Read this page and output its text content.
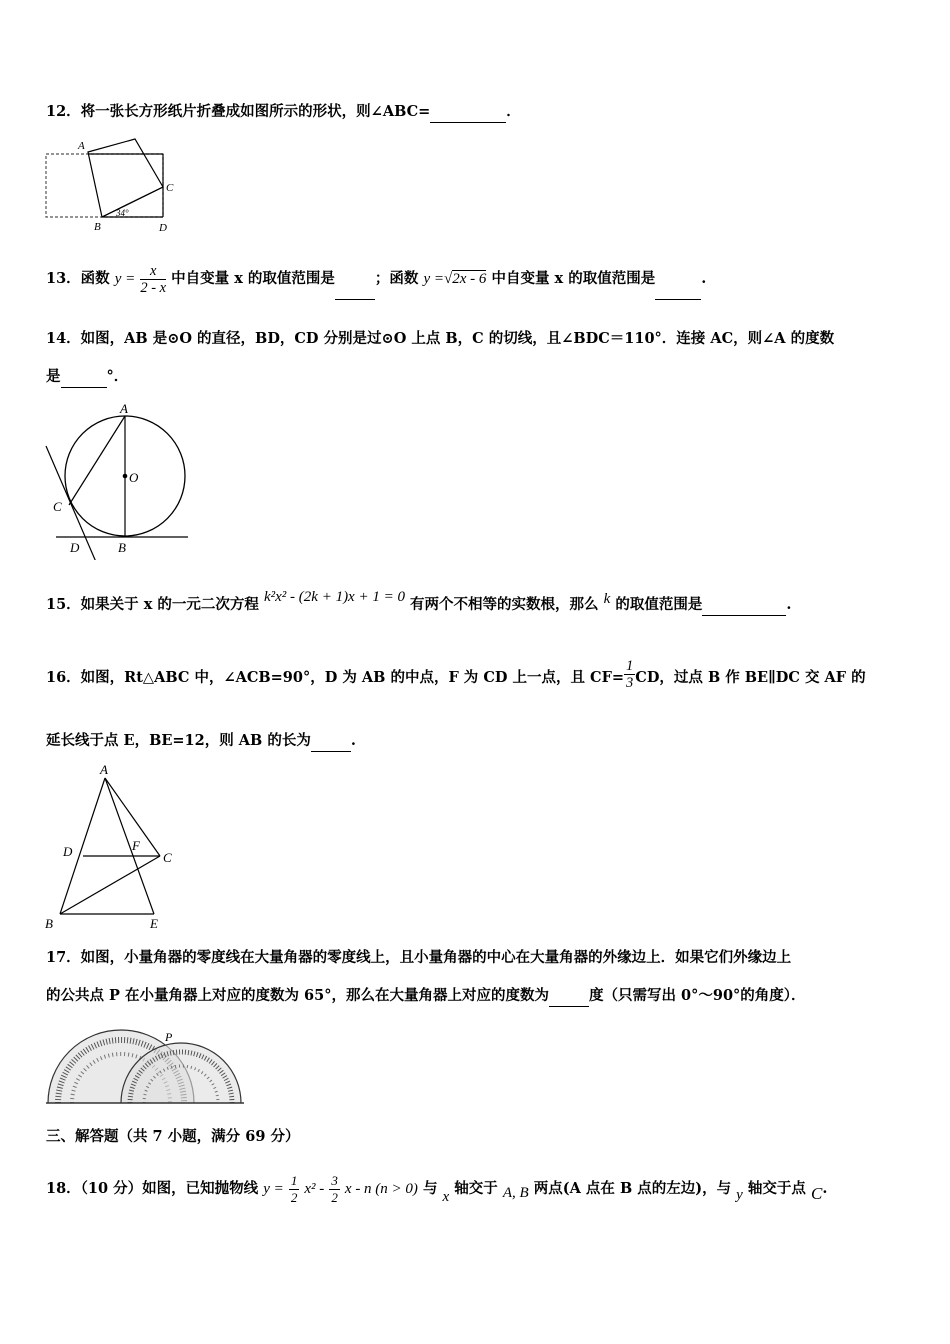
12．将一张长方形纸片折叠成如图所示的形状，则∠ABC=	．
A
B
C
D
34°
13．函数 $y = \frac{x}{2 - x}$ 中自变量 x 的取值范围是	；函数 y =√2x - 6 中自变量 x 的取值范围是	.
14．如图，AB 是⊙O 的直径，BD，CD 分别是过⊙O 上点 B，C 的切线，且∠BDC＝110°．连接 AC，则∠A 的度数
是	°．
A
O
C
D	B
15．如果关于 x 的一元二次方程 k²x² - (2k + 1)x + 1 = 0 有两个不相等的实数根，那么 k 的取值范围是	.
16．如图，Rt△ABC 中，∠ACB=90°，D 为 AB 的中点，F 为 CD 上一点，且 $CF= \frac{1}{3}$ CD，过点 B 作 BE∥DC 交 AF 的
延长线于点 E，BE=12，则 AB 的长为	.
A
D	F
C
B	E
17．如图，小量角器的零度线在大量角器的零度线上，且小量角器的中心在大量角器的外缘边上．如果它们外缘边上
的公共点 P 在小量角器上对应的度数为 65°，那么在大量角器上对应的度数为	度（只需写出 0°～90°的角度）．
P
三、解答题（共 7 小题，满分 69 分）
18．（10 分）如图，已知抛物线 $y = \frac{1}{2} x^2 - \frac{3}{2}$ x - n (n > 0) 与 x 轴交于 A, B 两点(A 点在 B 点的左边)，与 y 轴交于点 C.
